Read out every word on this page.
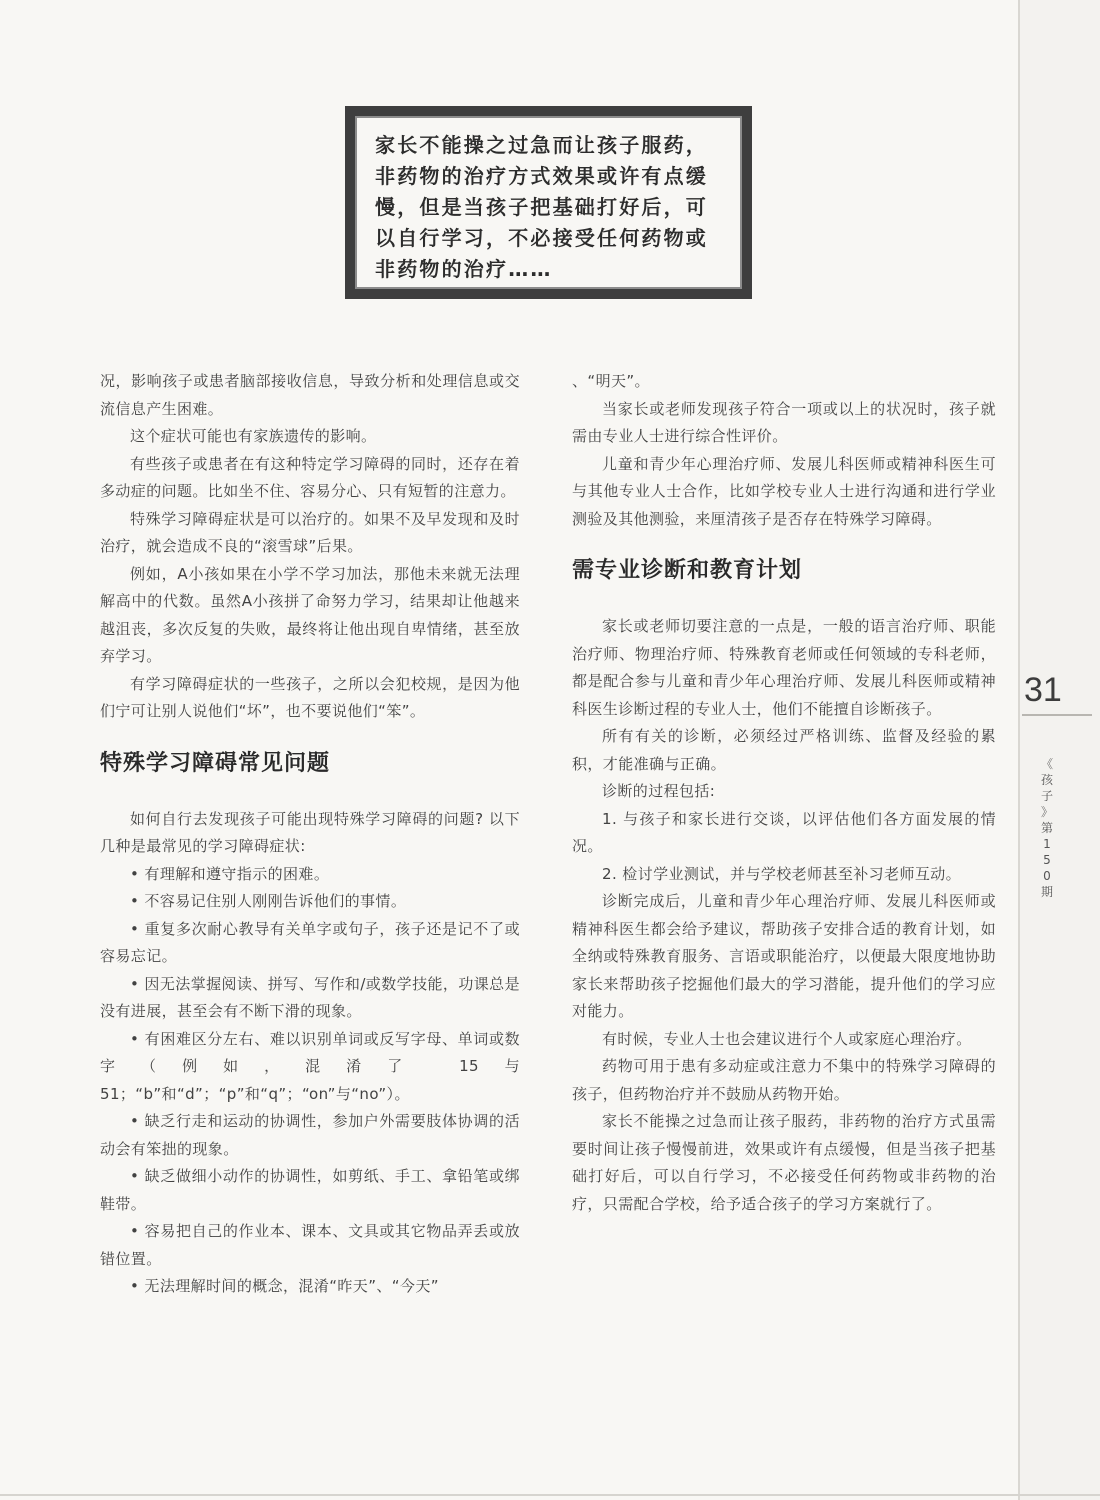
家长不能操之过急而让孩子服药，非药物的治疗方式效果或许有点缓慢，但是当孩子把基础打好后，可以自行学习，不必接受任何药物或非药物的治疗……

况，影响孩子或患者脑部接收信息，导致分析和处理信息或交流信息产生困难。

这个症状可能也有家族遗传的影响。

有些孩子或患者在有这种特定学习障碍的同时，还存在着多动症的问题。比如坐不住、容易分心、只有短暂的注意力。

特殊学习障碍症状是可以治疗的。如果不及早发现和及时治疗，就会造成不良的“滚雪球”后果。

例如，A小孩如果在小学不学习加法，那他未来就无法理解高中的代数。虽然A小孩拼了命努力学习，结果却让他越来越沮丧，多次反复的失败，最终将让他出现自卑情绪，甚至放弃学习。

有学习障碍症状的一些孩子，之所以会犯校规，是因为他们宁可让别人说他们“坏”，也不要说他们“笨”。

特殊学习障碍常见问题

如何自行去发现孩子可能出现特殊学习障碍的问题? 以下几种是最常见的学习障碍症状:

• 有理解和遵守指示的困难。

• 不容易记住别人刚刚告诉他们的事情。

• 重复多次耐心教导有关单字或句子，孩子还是记不了或容易忘记。

• 因无法掌握阅读、拼写、写作和/或数学技能，功课总是没有进展，甚至会有不断下滑的现象。

• 有困难区分左右、难以识别单词或反写字母、单词或数字（例如，混淆了 15与51；“b”和“d”；“p”和“q”；“on”与“no”）。

• 缺乏行走和运动的协调性，参加户外需要肢体协调的活动会有笨拙的现象。

• 缺乏做细小动作的协调性，如剪纸、手工、拿铅笔或绑鞋带。

• 容易把自己的作业本、课本、文具或其它物品弄丢或放错位置。

• 无法理解时间的概念，混淆“昨天”、“今天”

、“明天”。

当家长或老师发现孩子符合一项或以上的状况时，孩子就需由专业人士进行综合性评价。

儿童和青少年心理治疗师、发展儿科医师或精神科医生可与其他专业人士合作，比如学校专业人士进行沟通和进行学业测验及其他测验，来厘清孩子是否存在特殊学习障碍。

需专业诊断和教育计划

家长或老师切要注意的一点是，一般的语言治疗师、职能治疗师、物理治疗师、特殊教育老师或任何领域的专科老师，都是配合参与儿童和青少年心理治疗师、发展儿科医师或精神科医生诊断过程的专业人士，他们不能擅自诊断孩子。

所有有关的诊断，必须经过严格训练、监督及经验的累积，才能准确与正确。

诊断的过程包括:

1. 与孩子和家长进行交谈，以评估他们各方面发展的情况。

2. 检讨学业测试，并与学校老师甚至补习老师互动。

诊断完成后，儿童和青少年心理治疗师、发展儿科医师或精神科医生都会给予建议，帮助孩子安排合适的教育计划，如全纳或特殊教育服务、言语或职能治疗，以便最大限度地协助家长来帮助孩子挖掘他们最大的学习潜能，提升他们的学习应对能力。

有时候，专业人士也会建议进行个人或家庭心理治疗。

药物可用于患有多动症或注意力不集中的特殊学习障碍的孩子，但药物治疗并不鼓励从药物开始。

家长不能操之过急而让孩子服药，非药物的治疗方式虽需要时间让孩子慢慢前进，效果或许有点缓慢，但是当孩子把基础打好后，可以自行学习，不必接受任何药物或非药物的治疗，只需配合学校，给予适合孩子的学习方案就行了。

31
《
孩
子
》
第
1
5
0
期
